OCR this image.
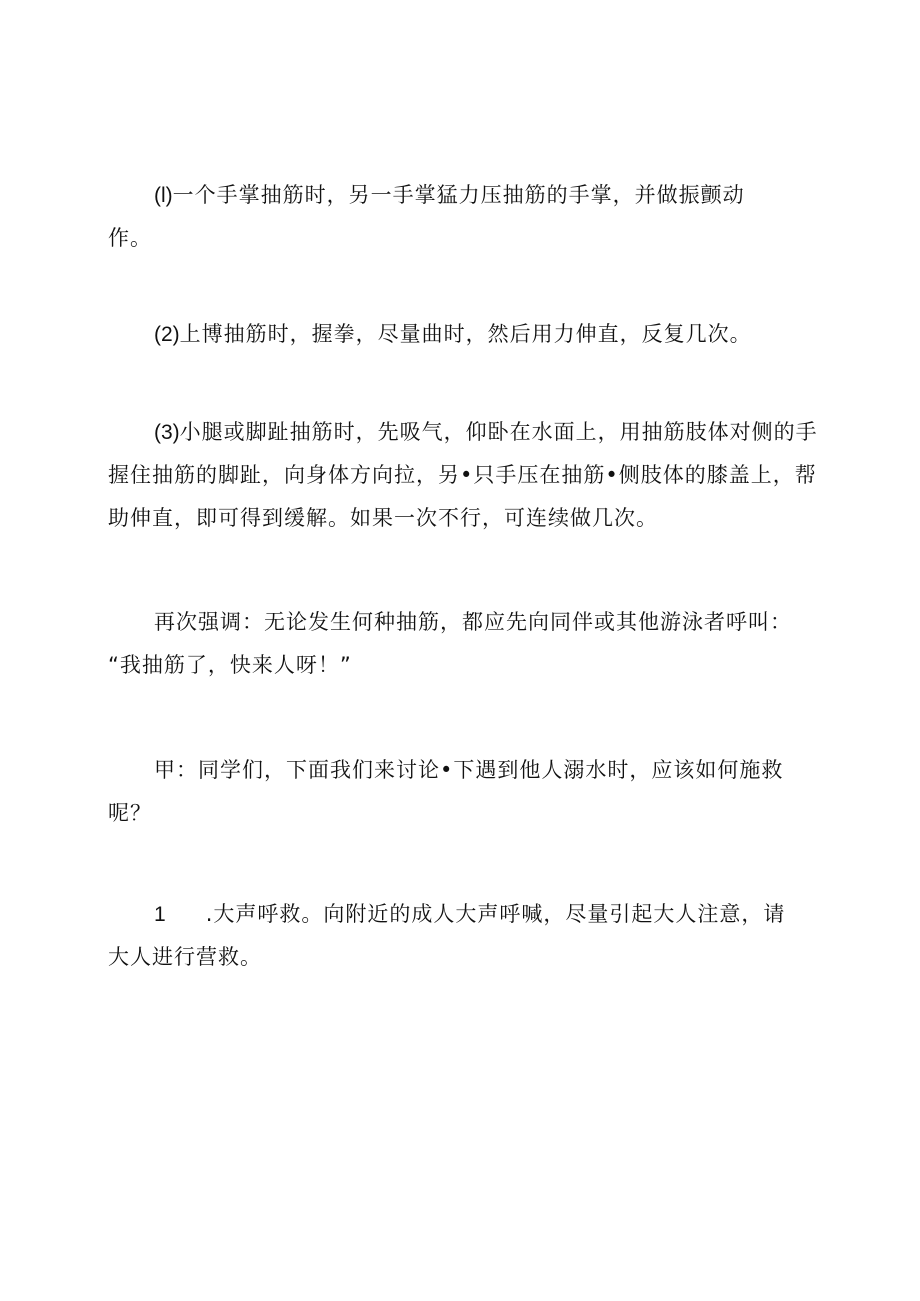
(l)一个手掌抽筋时，另一手掌猛力压抽筋的手掌，并做振颤动
作。
(2)上博抽筋时，握拳，尽量曲时，然后用力伸直，反复几次。
(3)小腿或脚趾抽筋时，先吸气，仰卧在水面上，用抽筋肢体对侧的手
握住抽筋的脚趾，向身体方向拉，另•只手压在抽筋•侧肢体的膝盖上，帮
助伸直，即可得到缓解。如果一次不行，可连续做几次。
再次强调：无论发生何种抽筋，都应先向同伴或其他游泳者呼叫：
“我抽筋了，快来人呀！”
甲：同学们，下面我们来讨论•下遇到他人溺水时，应该如何施救
呢？
1 .大声呼救。向附近的成人大声呼喊，尽量引起大人注意，请
大人进行营救。
